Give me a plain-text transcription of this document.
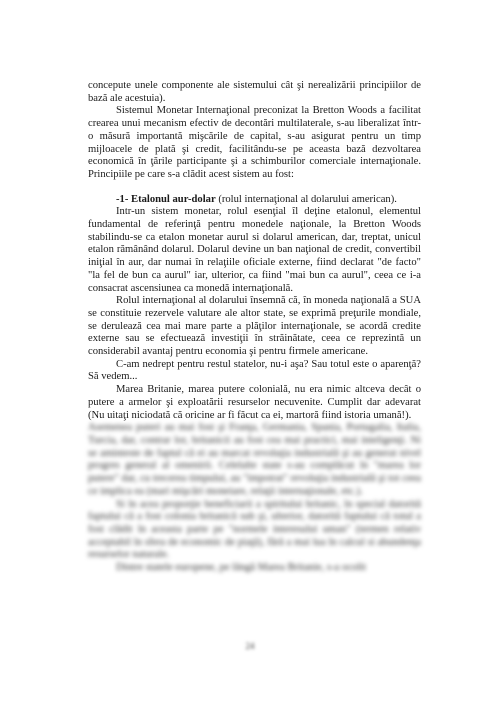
concepute unele componente ale sistemului cât şi nerealizării principiilor de bază ale acestuia).

Sistemul Monetar Internaţional preconizat la Bretton Woods a facilitat crearea unui mecanism efectiv de decontări multilaterale, s-au liberalizat într-o măsură importantă mişcările de capital, s-au asigurat pentru un timp mijloacele de plată şi credit, facilitându-se pe aceasta bază dezvoltarea economică în ţările participante şi a schimburilor comerciale internaţionale. Principiile pe care s-a clădit acest sistem au fost:

-1- Etalonul aur-dolar (rolul internaţional al dolarului american).

Intr-un sistem monetar, rolul esenţial îl deţine etalonul, elementul fundamental de referinţă pentru monedele naţionale, la Bretton Woods stabilindu-se ca etalon monetar aurul si dolarul american, dar, treptat, unicul etalon rămânând dolarul. Dolarul devine un ban naţional de credit, convertibil iniţial în aur, dar numai în relaţiile oficiale externe, fiind declarat "de facto" "la fel de bun ca aurul" iar, ulterior, ca fiind "mai bun ca aurul", ceea ce i-a consacrat ascensiunea ca monedă internaţională.

Rolul internaţional al dolarului însemnă că, în moneda naţională a SUA se constituie rezervele valutare ale altor state, se exprimă preţurile mondiale, se derulează cea mai mare parte a plăţilor internaţionale, se acordă credite externe sau se efectuează investiţii în străinătate, ceea ce reprezintă un considerabil avantaj pentru economia şi pentru firmele americane.

C-am nedrept pentru restul statelor, nu-i aşa? Sau totul este o aparenţă? Să vedem...

Marea Britanie, marea putere colonială, nu era nimic altceva decât o putere a armelor şi exploatării resurselor necuvenite. Cumplit dar adevarat (Nu uitaţi niciodată că oricine ar fi făcut ca ei, martoră fiind istoria umană!).

Asemenea puteri au mai fost şi Franţa, Germania, Spania, Portugalia, Italia, Turcia, dar, contrar lor, britanicii au fost cea mai practici, mai inteligenţi. Ni se aminteste de faptul că ei au marcat revoluţia industrială şi au generat nivel progres general al omenirii. Celelalte state s-au complăcut în "marea lor putere" dar, cu trecerea timpului, au "impotrat" revoluţia industrială şi tot ceea ce implica ea (mari mişcări moneiare, relaţii internaţionale, etc.).

Si în acea proporţie beneficiarii a spiritului britanic, în special datorită faptului că a fost colonia britanică sub şi, ulterior, datorită faptului că totul a fost clădit în aceasta parte pe "normele interesului uman" (termen relativ acceptabil în sfera de economic de piaţă), fără a mai lua în calcul si abundenţa resurselor naturale.

Dintre statele europene, pe lângă Marea Britanie, s-a ocolit

24
